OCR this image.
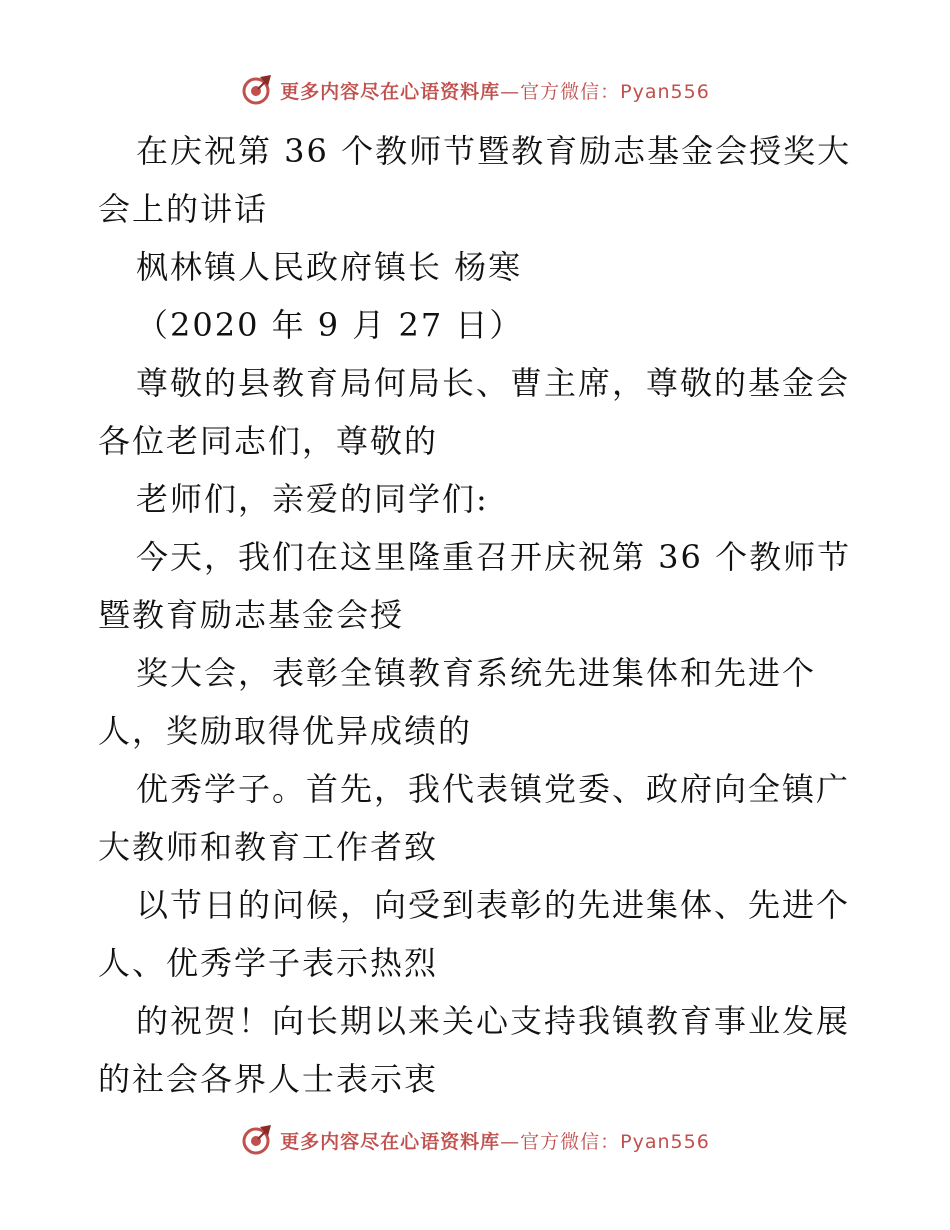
更多内容尽在心语资料库—官方微信：Pyan556
在庆祝第 36 个教师节暨教育励志基金会授奖大
会上的讲话
枫林镇人民政府镇长 杨寒
（2020 年 9 月 27 日）
尊敬的县教育局何局长、曹主席，尊敬的基金会
各位老同志们，尊敬的
老师们，亲爱的同学们:
今天，我们在这里隆重召开庆祝第 36 个教师节
暨教育励志基金会授
奖大会，表彰全镇教育系统先进集体和先进个
人，奖励取得优异成绩的
优秀学子。首先，我代表镇党委、政府向全镇广
大教师和教育工作者致
以节日的问候，向受到表彰的先进集体、先进个
人、优秀学子表示热烈
的祝贺！向长期以来关心支持我镇教育事业发展
的社会各界人士表示衷
更多内容尽在心语资料库—官方微信：Pyan556
